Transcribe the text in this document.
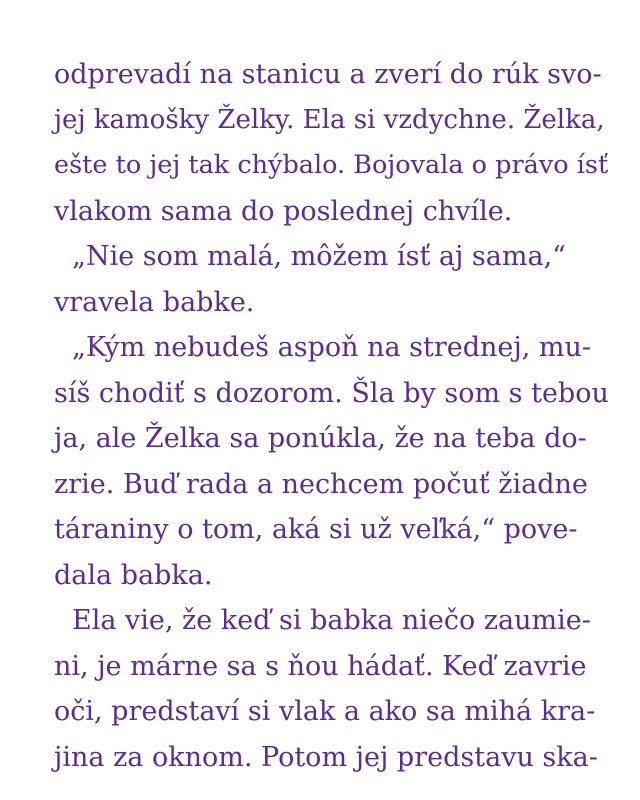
odprevadí na stanicu a zverí do rúk svo-
jej kamošky Želky. Ela si vzdychne. Želka,
ešte to jej tak chýbalo. Bojovala o právo ísť
vlakom sama do poslednej chvíle.
„Nie som malá, môžem ísť aj sama,“
vravela babke.
„Kým nebudeš aspoň na strednej, mu-
síš chodiť s dozorom. Šla by som s tebou
ja, ale Želka sa ponúkla, že na teba do-
zrie. Buď rada a nechcem počuť žiadne
táraniny o tom, aká si už veľká,“ pove-
dala babka.
Ela vie, že keď si babka niečo zaumie-
ni, je márne sa s ňou hádať. Keď zavrie
oči, predstaví si vlak a ako sa mihá kra-
jina za oknom. Potom jej predstavu ska-
